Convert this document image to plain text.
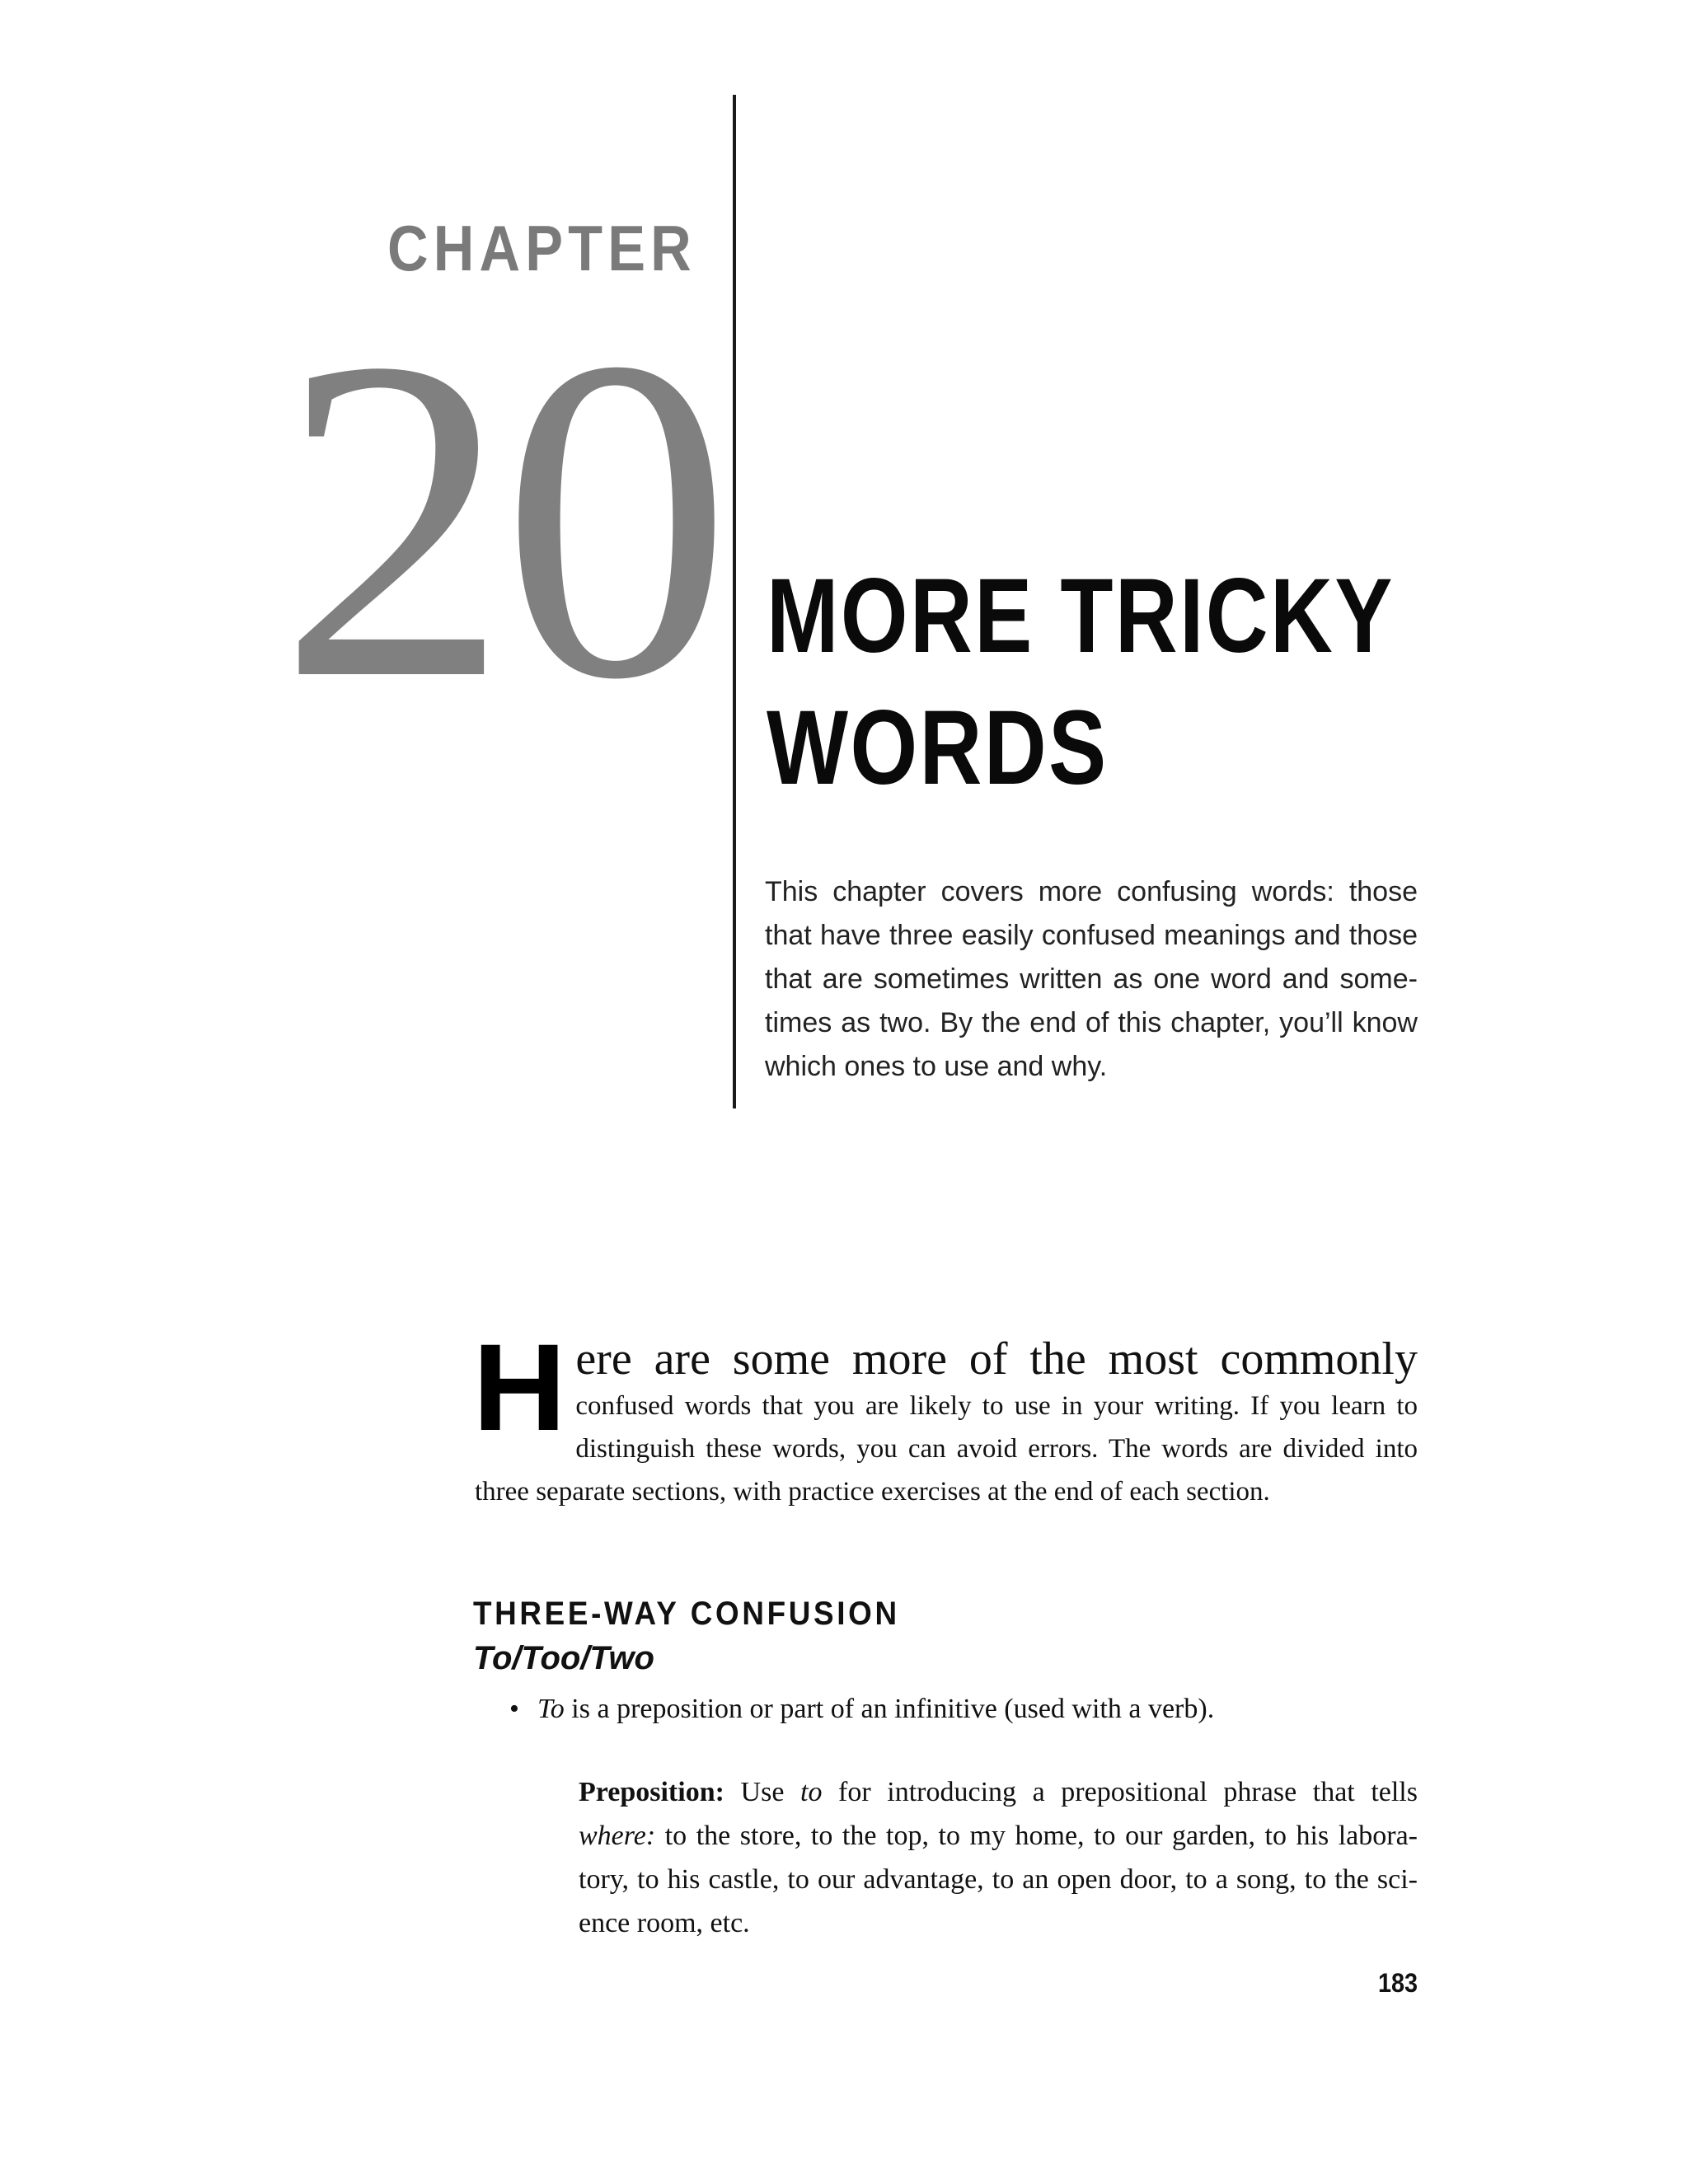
CHAPTER
20 MORE TRICKY
WORDS
This chapter covers more confusing words: those that have three easily confused meanings and those that are sometimes written as one word and some- times as two. By the end of this chapter, you’ll know which ones to use and why.
H ere are some more of the most commonly
confused words that you are likely to use in your writing. If you learn to distinguish these words, you can avoid errors. The words are divided into three separate sections, with practice exercises at the end of each section.
THREE-WAY CONFUSION
To/Too/Two
• To is a preposition or part of an infinitive (used with a verb).
Preposition: Use to for introducing a prepositional phrase that tells where: to the store, to the top, to my home, to our garden, to his labora- tory, to his castle, to our advantage, to an open door, to a song, to the sci- ence room, etc.
183
